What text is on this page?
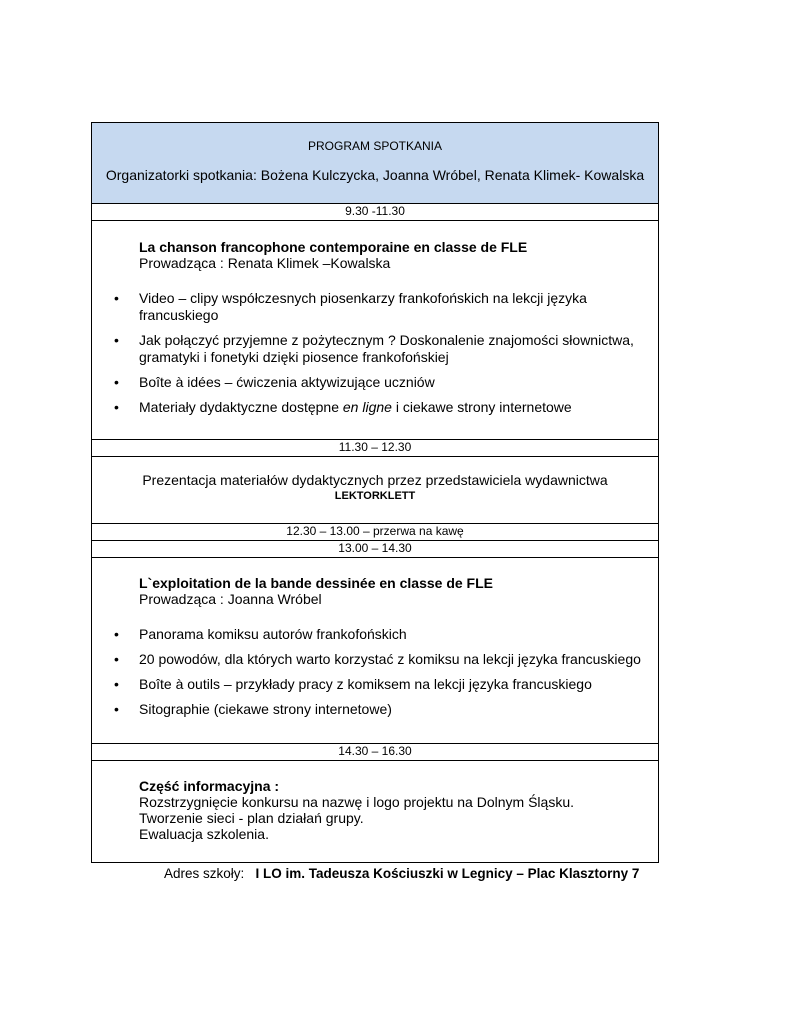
PROGRAM SPOTKANIA
Organizatorki spotkania: Bożena Kulczycka, Joanna Wróbel, Renata Klimek- Kowalska
9.30 -11.30
La chanson francophone contemporaine en classe de FLE
Prowadząca : Renata Klimek –Kowalska
• Video – clipy współczesnych piosenkarzy frankofońskich na lekcji języka francuskiego
• Jak połączyć przyjemne z pożytecznym ? Doskonalenie znajomości słownictwa, gramatyki i fonetyki dzięki piosence frankofońskiej
• Boîte à idées – ćwiczenia aktywizujące uczniów
• Materiały dydaktyczne dostępne en ligne i ciekawe strony internetowe
11.30 – 12.30
Prezentacja materiałów dydaktycznych przez przedstawiciela wydawnictwa
LEKTORKLETT
12.30 – 13.00 – przerwa na kawę
13.00 – 14.30
L`exploitation de la bande dessinée en classe de FLE
Prowadząca : Joanna Wróbel
• Panorama komiksu autorów frankofońskich
• 20 powodów, dla których warto korzystać z komiksu na lekcji języka francuskiego
• Boîte à outils – przykłady pracy z komiksem na lekcji języka francuskiego
• Sitographie (ciekawe strony internetowe)
14.30 – 16.30
Część informacyjna :
Rozstrzygnięcie konkursu na nazwę i logo projektu na Dolnym Śląsku.
Tworzenie sieci - plan działań grupy.
Ewaluacja szkolenia.
Adres szkoły: I LO im. Tadeusza Kościuszki w Legnicy – Plac Klasztorny 7
